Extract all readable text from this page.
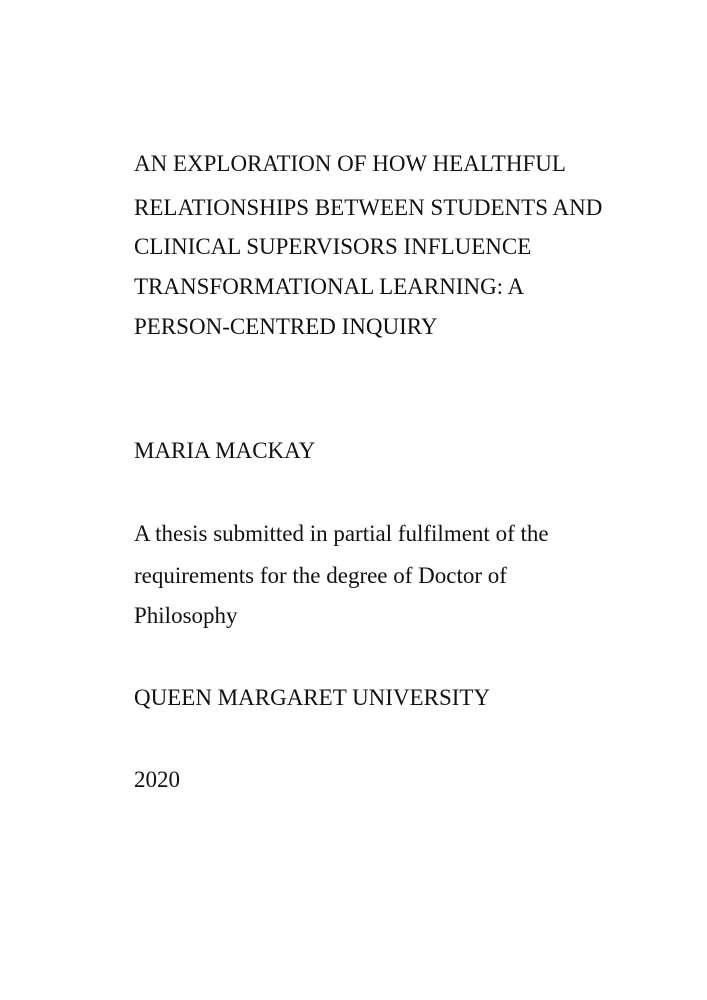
AN EXPLORATION OF HOW HEALTHFUL
RELATIONSHIPS BETWEEN STUDENTS AND
CLINICAL SUPERVISORS INFLUENCE
TRANSFORMATIONAL LEARNING: A
PERSON-CENTRED INQUIRY
MARIA MACKAY
A thesis submitted in partial fulfilment of the
requirements for the degree of Doctor of
Philosophy
QUEEN MARGARET UNIVERSITY
2020
